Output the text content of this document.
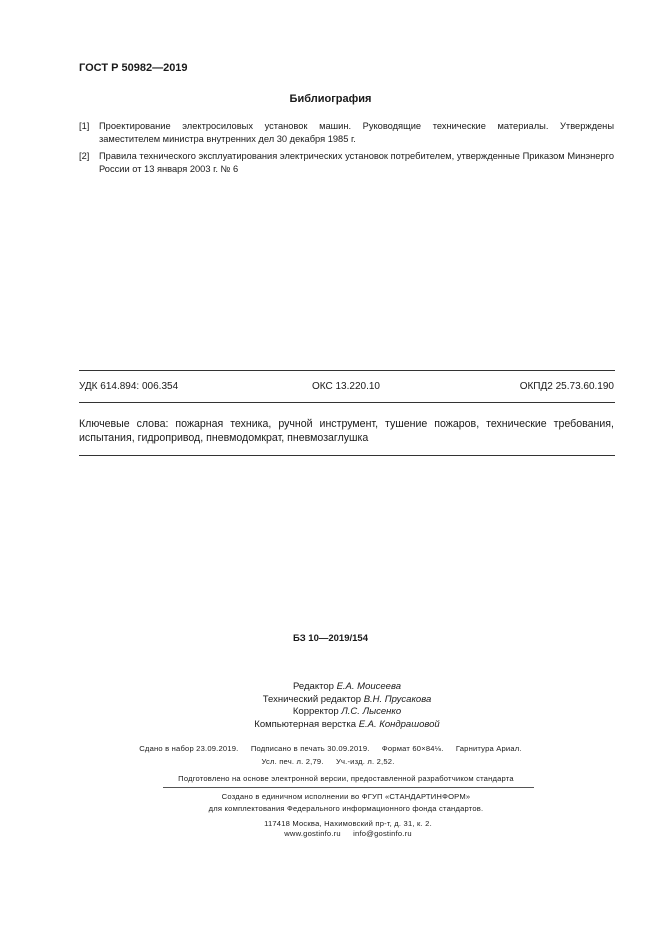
ГОСТ Р 50982—2019
Библиография
[1] Проектирование электросиловых установок машин. Руководящие технические материалы. Утверждены заместителем министра внутренних дел 30 декабря 1985 г.
[2] Правила технического эксплуатирования электрических установок потребителем, утвержденные Приказом Минэнерго России от 13 января 2003 г. № 6
УДК 614.894: 006.354	ОКС 13.220.10	ОКПД2 25.73.60.190
Ключевые слова: пожарная техника, ручной инструмент, тушение пожаров, технические требования, испытания, гидропривод, пневмодомкрат, пневмозаглушка
БЗ 10—2019/154
Редактор Е.А. Моисеева
Технический редактор В.Н. Прусакова
Корректор Л.С. Лысенко
Компьютерная верстка Е.А. Кондрашовой
Сдано в набор 23.09.2019. Подписано в печать 30.09.2019. Формат 60×84⅛. Гарнитура Ариал.
Усл. печ. л. 2,79. Уч.-изд. л. 2,52.
Подготовлено на основе электронной версии, предоставленной разработчиком стандарта
Создано в единичном исполнении во ФГУП «СТАНДАРТИНФОРМ»
для комплектования Федерального информационного фонда стандартов.
117418 Москва, Нахимовский пр-т, д. 31, к. 2.
www.gostinfo.ru info@gostinfo.ru
